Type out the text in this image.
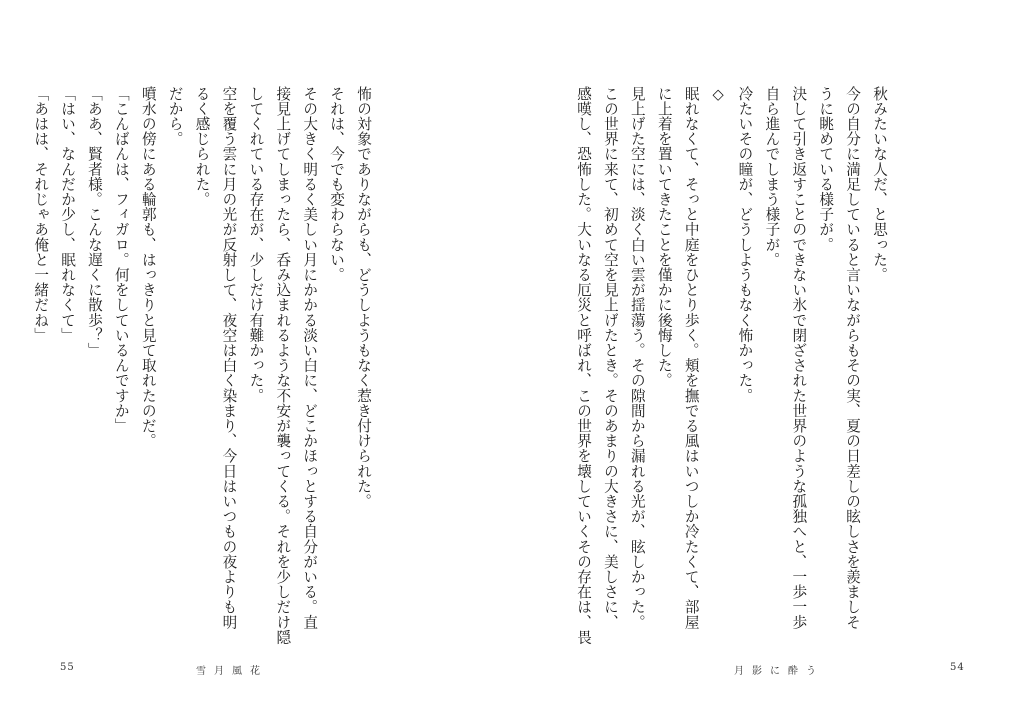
怖の対象でありながらも、どうしようもなく惹き付けられた。
それは、今でも変わらない。
その大きく明るく美しい月にかかる淡い白に、どこかほっとする自分がいる。直
接見上げてしまったら、呑み込まれるような不安が襲ってくる。それを少しだけ隠
してくれている存在が、少しだけ有難かった。
空を覆う雲に月の光が反射して、夜空は白く染まり、今日はいつもの夜よりも明
るく感じられた。
だから。
噴水の傍にある輪郭も、はっきりと見て取れたのだ。
「こんばんは、フィガロ。何をしているんですか」
「ああ、賢者様。こんな遅くに散歩？」
「はい、なんだか少し、眠れなくて」
「あはは、それじゃあ俺と一緒だね」
55	雪月風花
秋みたいな人だ、と思った。
今の自分に満足していると言いながらもその実、夏の日差しの眩しさを羨ましそ
うに眺めている様子が。
決して引き返すことのできない氷で閉ざされた世界のような孤独へと、一歩一歩
自ら進んでしまう様子が。
冷たいその瞳が、どうしようもなく怖かった。
◇
眠れなくて、そっと中庭をひとり歩く。頬を撫でる風はいつしか冷たくて、部屋
に上着を置いてきたことを僅かに後悔した。
見上げた空には、淡く白い雲が揺蕩う。その隙間から漏れる光が、眩しかった。
この世界に来て、初めて空を見上げたとき。そのあまりの大きさに、美しさに、
感嘆し、恐怖した。大いなる厄災と呼ばれ、この世界を壊していくその存在は、畏
月影に酔う	54
